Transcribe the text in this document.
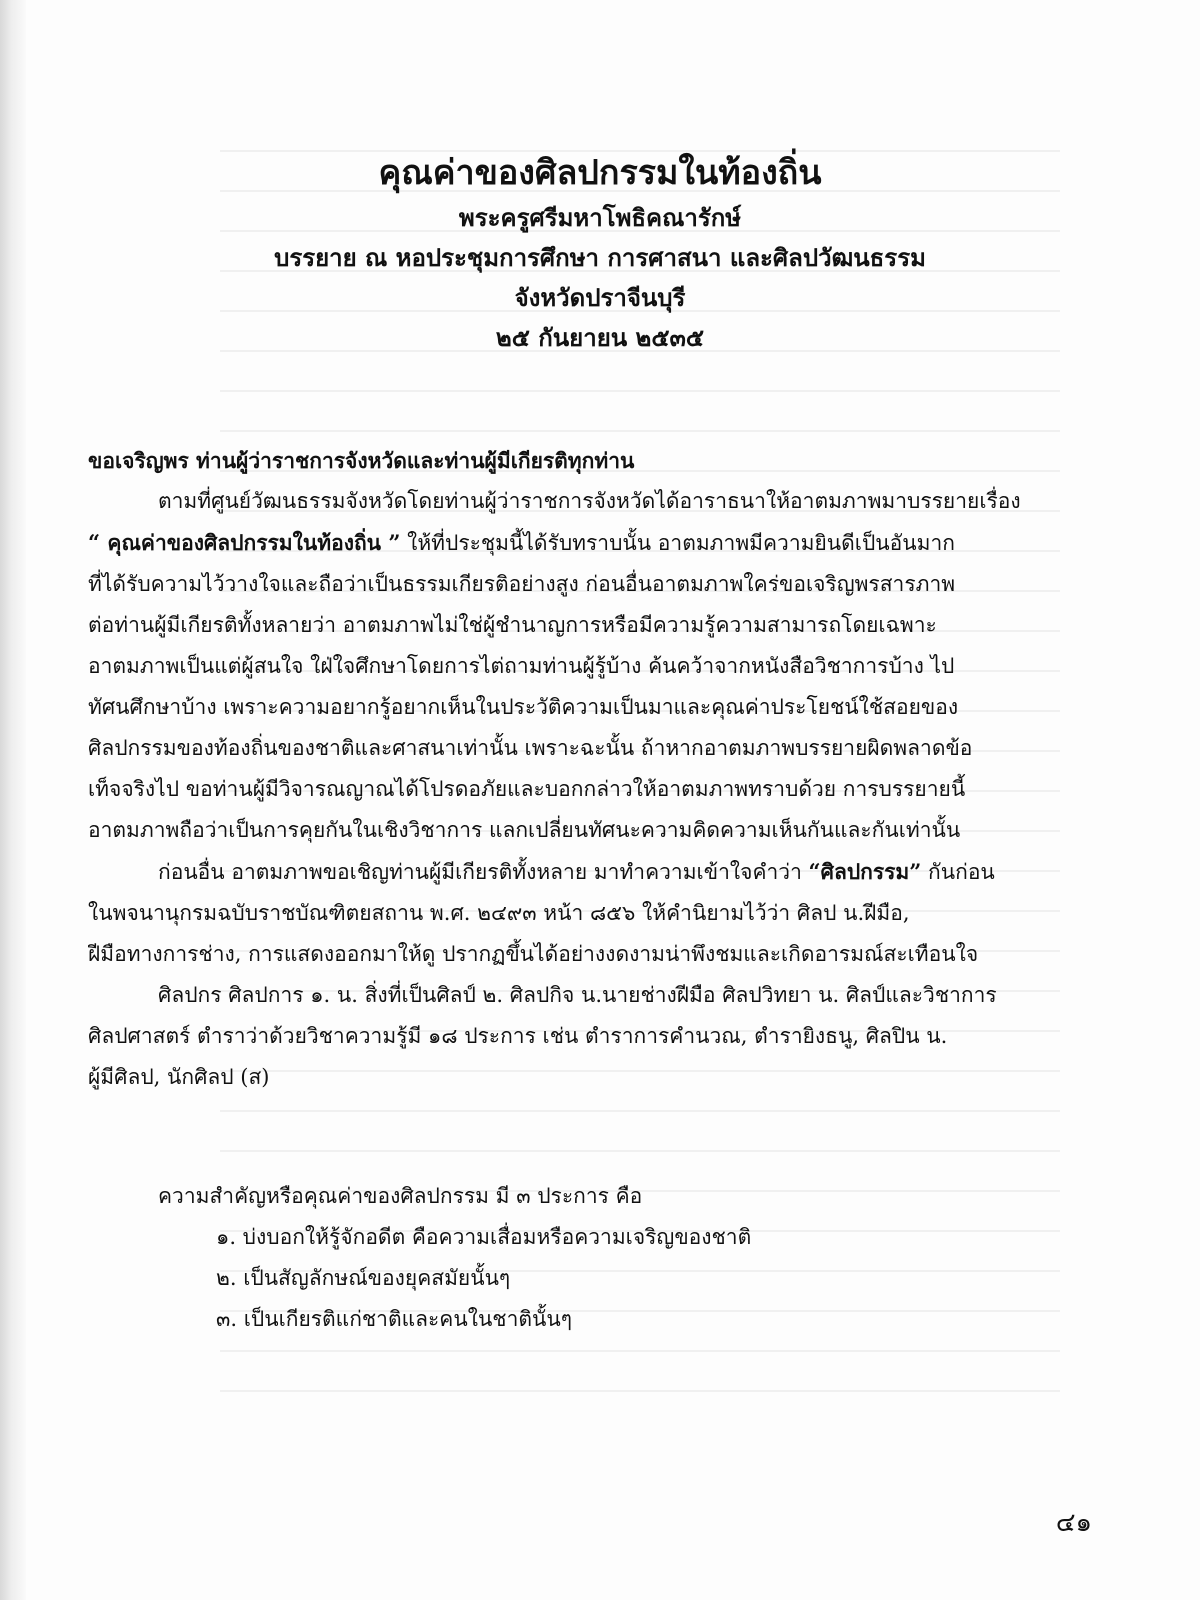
คุณค่าของศิลปกรรมในท้องถิ่น
พระครูศรีมหาโพธิคณารักษ์
บรรยาย ณ หอประชุมการศึกษา การศาสนา และศิลปวัฒนธรรม
จังหวัดปราจีนบุรี
๒๕ กันยายน ๒๕๓๕
ขอเจริญพร ท่านผู้ว่าราชการจังหวัดและท่านผู้มีเกียรติทุกท่าน
ตามที่ศูนย์วัฒนธรรมจังหวัดโดยท่านผู้ว่าราชการจังหวัดได้อาราธนาให้อาตมภาพมาบรรยายเรื่อง
“ คุณค่าของศิลปกรรมในท้องถิ่น ” ให้ที่ประชุมนี้ได้รับทราบนั้น อาตมภาพมีความยินดีเป็นอันมาก
ที่ได้รับความไว้วางใจและถือว่าเป็นธรรมเกียรติอย่างสูง ก่อนอื่นอาตมภาพใคร่ขอเจริญพรสารภาพ
ต่อท่านผู้มีเกียรติทั้งหลายว่า อาตมภาพไม่ใช่ผู้ชำนาญการหรือมีความรู้ความสามารถโดยเฉพาะ
อาตมภาพเป็นแต่ผู้สนใจ ใฝ่ใจศึกษาโดยการไต่ถามท่านผู้รู้บ้าง ค้นคว้าจากหนังสือวิชาการบ้าง ไป
ทัศนศึกษาบ้าง เพราะความอยากรู้อยากเห็นในประวัติความเป็นมาและคุณค่าประโยชน์ใช้สอยของ
ศิลปกรรมของท้องถิ่นของชาติและศาสนาเท่านั้น เพราะฉะนั้น ถ้าหากอาตมภาพบรรยายผิดพลาดข้อ
เท็จจริงไป ขอท่านผู้มีวิจารณญาณได้โปรดอภัยและบอกกล่าวให้อาตมภาพทราบด้วย การบรรยายนี้
อาตมภาพถือว่าเป็นการคุยกันในเชิงวิชาการ แลกเปลี่ยนทัศนะความคิดความเห็นกันและกันเท่านั้น
ก่อนอื่น อาตมภาพขอเชิญท่านผู้มีเกียรติทั้งหลาย มาทำความเข้าใจคำว่า “ศิลปกรรม” กันก่อน
ในพจนานุกรมฉบับราชบัณฑิตยสถาน พ.ศ. ๒๔๙๓ หน้า ๘๕๖ ให้คำนิยามไว้ว่า ศิลป น.ฝีมือ,
ฝีมือทางการช่าง, การแสดงออกมาให้ดู ปรากฏขึ้นได้อย่างงดงามน่าพึงชมและเกิดอารมณ์สะเทือนใจ
ศิลปกร ศิลปการ ๑. น. สิ่งที่เป็นศิลป์ ๒. ศิลปกิจ น.นายช่างฝีมือ ศิลปวิทยา น. ศิลป์และวิชาการ
ศิลปศาสตร์ ตำราว่าด้วยวิชาความรู้มี ๑๘ ประการ เช่น ตำราการคำนวณ, ตำรายิงธนู, ศิลปิน น.
ผู้มีศิลป, นักศิลป (ส)
ความสำคัญหรือคุณค่าของศิลปกรรม มี ๓ ประการ คือ
๑. บ่งบอกให้รู้จักอดีต คือความเสื่อมหรือความเจริญของชาติ
๒. เป็นสัญลักษณ์ของยุคสมัยนั้นๆ
๓. เป็นเกียรติแก่ชาติและคนในชาตินั้นๆ
๔๑
